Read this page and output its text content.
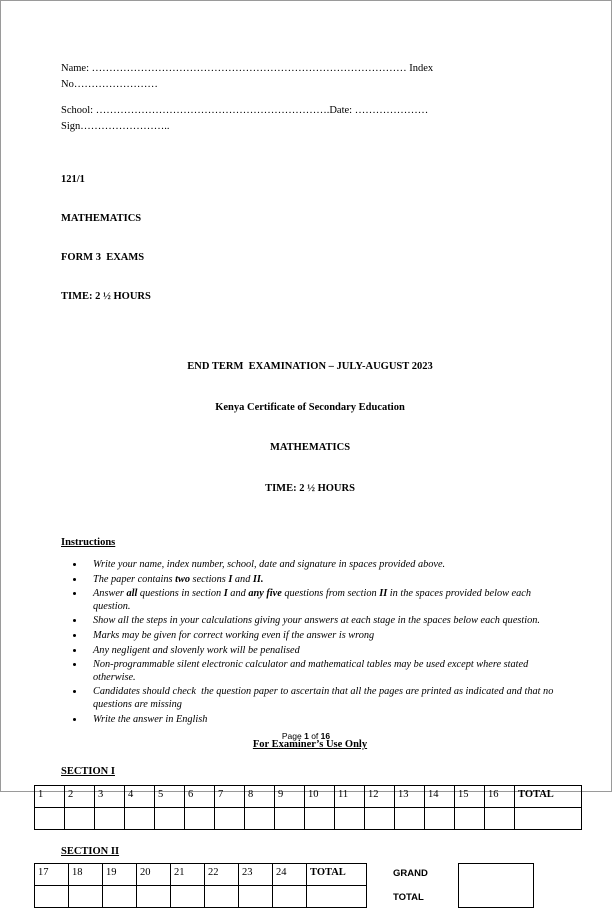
Name: ……………………………………………………………………………… Index
No……………………
School: ………………………………………………………….Date: …………………
Sign……………………..

121/1

MATHEMATICS

FORM 3  EXAMS

TIME: 2 ½ HOURS

END TERM  EXAMINATION – JULY-AUGUST 2023

Kenya Certificate of Secondary Education

MATHEMATICS

TIME: 2 ½ HOURS

Instructions
• Write your name, index number, school, date and signature in spaces provided above.
• The paper contains two sections I and II.
• Answer all questions in section I and any five questions from section II in the spaces provided below each question.
• Show all the steps in your calculations giving your answers at each stage in the spaces below each question.
• Marks may be given for correct working even if the answer is wrong
• Any negligent and slovenly work will be penalised
• Non-programmable silent electronic calculator and mathematical tables may be used except where stated otherwise.
• Candidates should check  the question paper to ascertain that all the pages are printed as indicated and that no questions are missing
• Write the answer in English
For Examiner’s Use Only
SECTION I
1	2	3	4	5	6	7	8	9	10	11	12	13	14	15	16	TOTAL

SECTION II
17	18	19	20	21	22	23	24	TOTAL
									GRAND
TOTAL
Page 1 of 16
